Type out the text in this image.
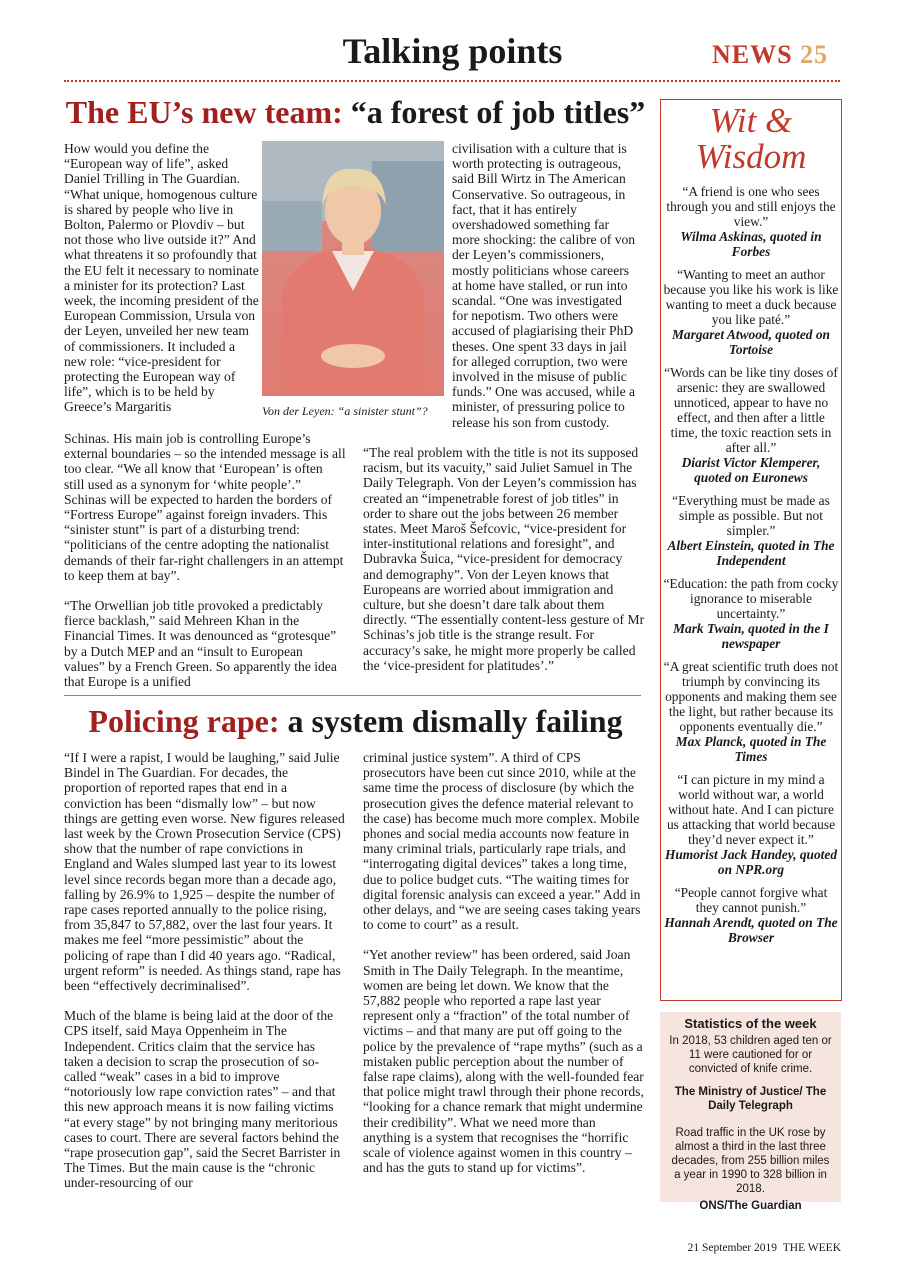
Talking points	NEWS 25
The EU’s new team: “a forest of job titles”
How would you define the “European way of life”, asked Daniel Trilling in The Guardian. “What unique, homogenous culture is shared by people who live in Bolton, Palermo or Plovdiv – but not those who live outside it?” And what threatens it so profoundly that the EU felt it necessary to nominate a minister for its protection? Last week, the incoming president of the European Commission, Ursula von der Leyen, unveiled her new team of commissioners. It included a new role: “vice-president for protecting the European way of life”, which is to be held by Greece’s Margaritis	Von der Leyen: “a sinister stunt”?
civilisation with a culture that is worth protecting is outrageous, said Bill Wirtz in The American Conservative. So outrageous, in fact, that it has entirely overshadowed something far more shocking: the calibre of von der Leyen’s commissioners, mostly politicians whose careers at home have stalled, or run into scandal. “One was investigated for nepotism. Two others were accused of plagiarising their PhD theses. One spent 33 days in jail for alleged corruption, two were involved in the misuse of public funds.” One was accused, while a minister, of pressuring police to release his son from custody.

Schinas. His main job is controlling Europe’s external boundaries – so the intended message is all too clear. “We all know that ‘European’ is often still used as a synonym for ‘white people’.” Schinas will be expected to harden the borders of “Fortress Europe” against foreign invaders. This “sinister stunt” is part of a disturbing trend: “politicians of the centre adopting the nationalist demands of their far-right challengers in an attempt to keep them at bay”.

“The Orwellian job title provoked a predictably fierce backlash,” said Mehreen Khan in the Financial Times. It was denounced as “grotesque” by a Dutch MEP and an “insult to European values” by a French Green. So apparently the idea that Europe is a unified

“The real problem with the title is not its supposed racism, but its vacuity,” said Juliet Samuel in The Daily Telegraph. Von der Leyen’s commission has created an “impenetrable forest of job titles” in order to share out the jobs between 26 member states. Meet Maroš Šefcovic, “vice-president for inter-institutional relations and foresight”, and Dubravka Šuica, “vice-president for democracy and demography”. Von der Leyen knows that Europeans are worried about immigration and culture, but she doesn’t dare talk about them directly. “The essentially content-less gesture of Mr Schinas’s job title is the strange result. For accuracy’s sake, he might more properly be called the ‘vice-president for platitudes’.”
Policing rape: a system dismally failing

“If I were a rapist, I would be laughing,” said Julie Bindel in The Guardian. For decades, the proportion of reported rapes that end in a conviction has been “dismally low” – but now things are getting even worse. New figures released last week by the Crown Prosecution Service (CPS) show that the number of rape convictions in England and Wales slumped last year to its lowest level since records began more than a decade ago, falling by 26.9% to 1,925 – despite the number of rape cases reported annually to the police rising, from 35,847 to 57,882, over the last four years. It makes me feel “more pessimistic” about the policing of rape than I did 40 years ago. “Radical, urgent reform” is needed. As things stand, rape has been “effectively decriminalised”.

Much of the blame is being laid at the door of the CPS itself, said Maya Oppenheim in The Independent. Critics claim that the service has taken a decision to scrap the prosecution of so-called “weak” cases in a bid to improve “notoriously low rape conviction rates” – and that this new approach means it is now failing victims “at every stage” by not bringing many meritorious cases to court. There are several factors behind the “rape prosecution gap”, said the Secret Barrister in The Times. But the main cause is the “chronic under-resourcing of our

criminal justice system”. A third of CPS prosecutors have been cut since 2010, while at the same time the process of disclosure (by which the prosecution gives the defence material relevant to the case) has become much more complex. Mobile phones and social media accounts now feature in many criminal trials, particularly rape trials, and “interrogating digital devices” takes a long time, due to police budget cuts. “The waiting times for digital forensic analysis can exceed a year.” Add in other delays, and “we are seeing cases taking years to come to court” as a result.

“Yet another review” has been ordered, said Joan Smith in The Daily Telegraph. In the meantime, women are being let down. We know that the 57,882 people who reported a rape last year represent only a “fraction” of the total number of victims – and that many are put off going to the police by the prevalence of “rape myths” (such as a mistaken public perception about the number of false rape claims), along with the well-founded fear that police might trawl through their phone records, “looking for a chance remark that might undermine their credibility”. What we need more than anything is a system that recognises the “horrific scale of violence against women in this country – and has the guts to stand up for victims”.

Wit &
Wisdom
“A friend is one who sees through you and still enjoys the view.”
Wilma Askinas, quoted in Forbes
“Wanting to meet an author because you like his work is like wanting to meet a duck because you like paté.”
Margaret Atwood, quoted on Tortoise
“Words can be like tiny doses of arsenic: they are swallowed unnoticed, appear to have no effect, and then after a little time, the toxic reaction sets in after all.”
Diarist Victor Klemperer, quoted on Euronews
“Everything must be made as simple as possible. But not simpler.”
Albert Einstein, quoted in The Independent
“Education: the path from cocky ignorance to miserable uncertainty.”
Mark Twain, quoted in the I newspaper
“A great scientific truth does not triumph by convincing its opponents and making them see the light, but rather because its opponents eventually die.”
Max Planck, quoted in The Times
“I can picture in my mind a world without war, a world without hate. And I can picture us attacking that world because they’d never expect it.”
Humorist Jack Handey, quoted on NPR.org
“People cannot forgive what they cannot punish.”
Hannah Arendt, quoted on The Browser
Statistics of the week
In 2018, 53 children aged ten or 11 were cautioned for or convicted of knife crime.
The Ministry of Justice/ The Daily Telegraph
Road traffic in the UK rose by almost a third in the last three decades, from 255 billion miles a year in 1990 to 328 billion in 2018.
ONS/The Guardian
21 September 2019 THE WEEK
